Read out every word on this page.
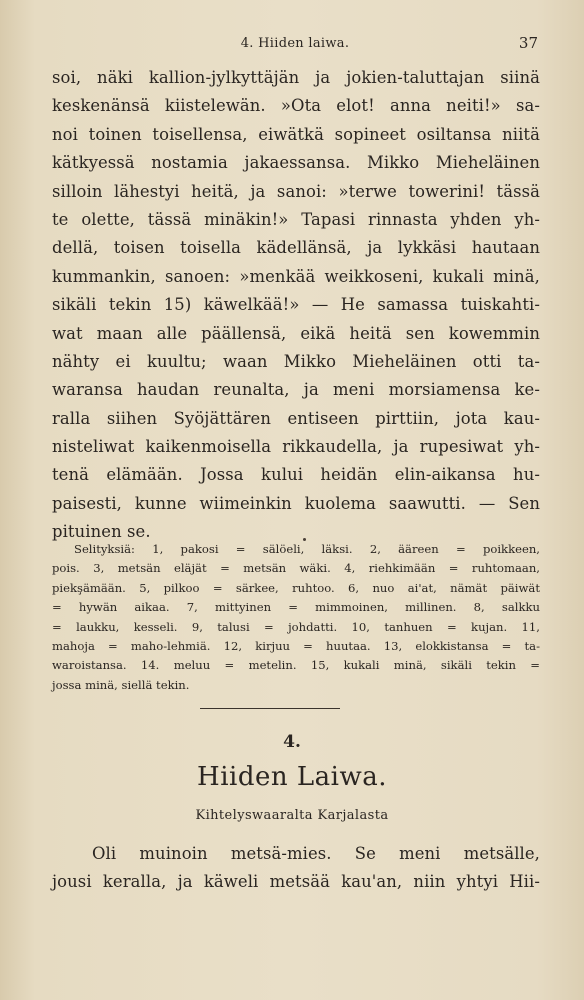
4. Hiiden laiwa.	37
soi, näki kallion-jylkyttäjän ja jokien-taluttajan siinä
keskenänsä kiistelewän. »Ota elot! anna neiti!» sa-
noi toinen toisellensa, eiwätkä sopineet osiltansa niitä
kätkyessä nostamia jakaessansa. Mikko Mieheläinen
silloin lähestyi heitä, ja sanoi: »terwe towerini! tässä
te olette, tässä minäkin!» Tapasi rinnasta yhden yh-
dellä, toisen toisella kädellänsä, ja lykkäsi hautaan
kummankin, sanoen: »menkää weikkoseni, kukali minä,
sikäli tekin 15) käwelkää!» — He samassa tuiskahti-
wat maan alle päällensä, eikä heitä sen kowemmin
nähty ei kuultu; waan Mikko Mieheläinen otti ta-
waransa haudan reunalta, ja meni morsiamensa ke-
ralla siihen Syöjättären entiseen pirttiin, jota kau-
nisteliwat kaikenmoisella rikkaudella, ja rupesiwat yh-
tenä elämään. Jossa kului heidän elin-aikansa hu-
paisesti, kunne wiimeinkin kuolema saawutti. — Sen
pituinen se.
Selityksiä: 1, pakosi = sälöeli, läksi. 2, ääreen = poikkeen,
pois. 3, metsän eläjät = metsän wäki. 4, riehkimään = ruhtomaan,
piekşämään. 5, pilkoo = särkee, ruhtoo. 6, nuo ai'at, nämät päiwät
= hywän aikaa. 7, mittyinen = mimmoinen, millinen. 8, salkku
= laukku, kesseli. 9, talusi = johdatti. 10, tanhuen = kujan. 11,
mahoja = maho-lehmiä. 12, kirjuu = huutaa. 13, elokkistansa = ta-
waroistansa. 14. meluu = metelin. 15, kukali minä, sikäli tekin =
jossa minä, siellä tekin.
4.
Hiiden Laiwa.
Kihtelyswaaralta Karjalasta
Oli muinoin metsä-mies. Se meni metsälle,
jousi keralla, ja käweli metsää kau'an, niin yhtyi Hii-
